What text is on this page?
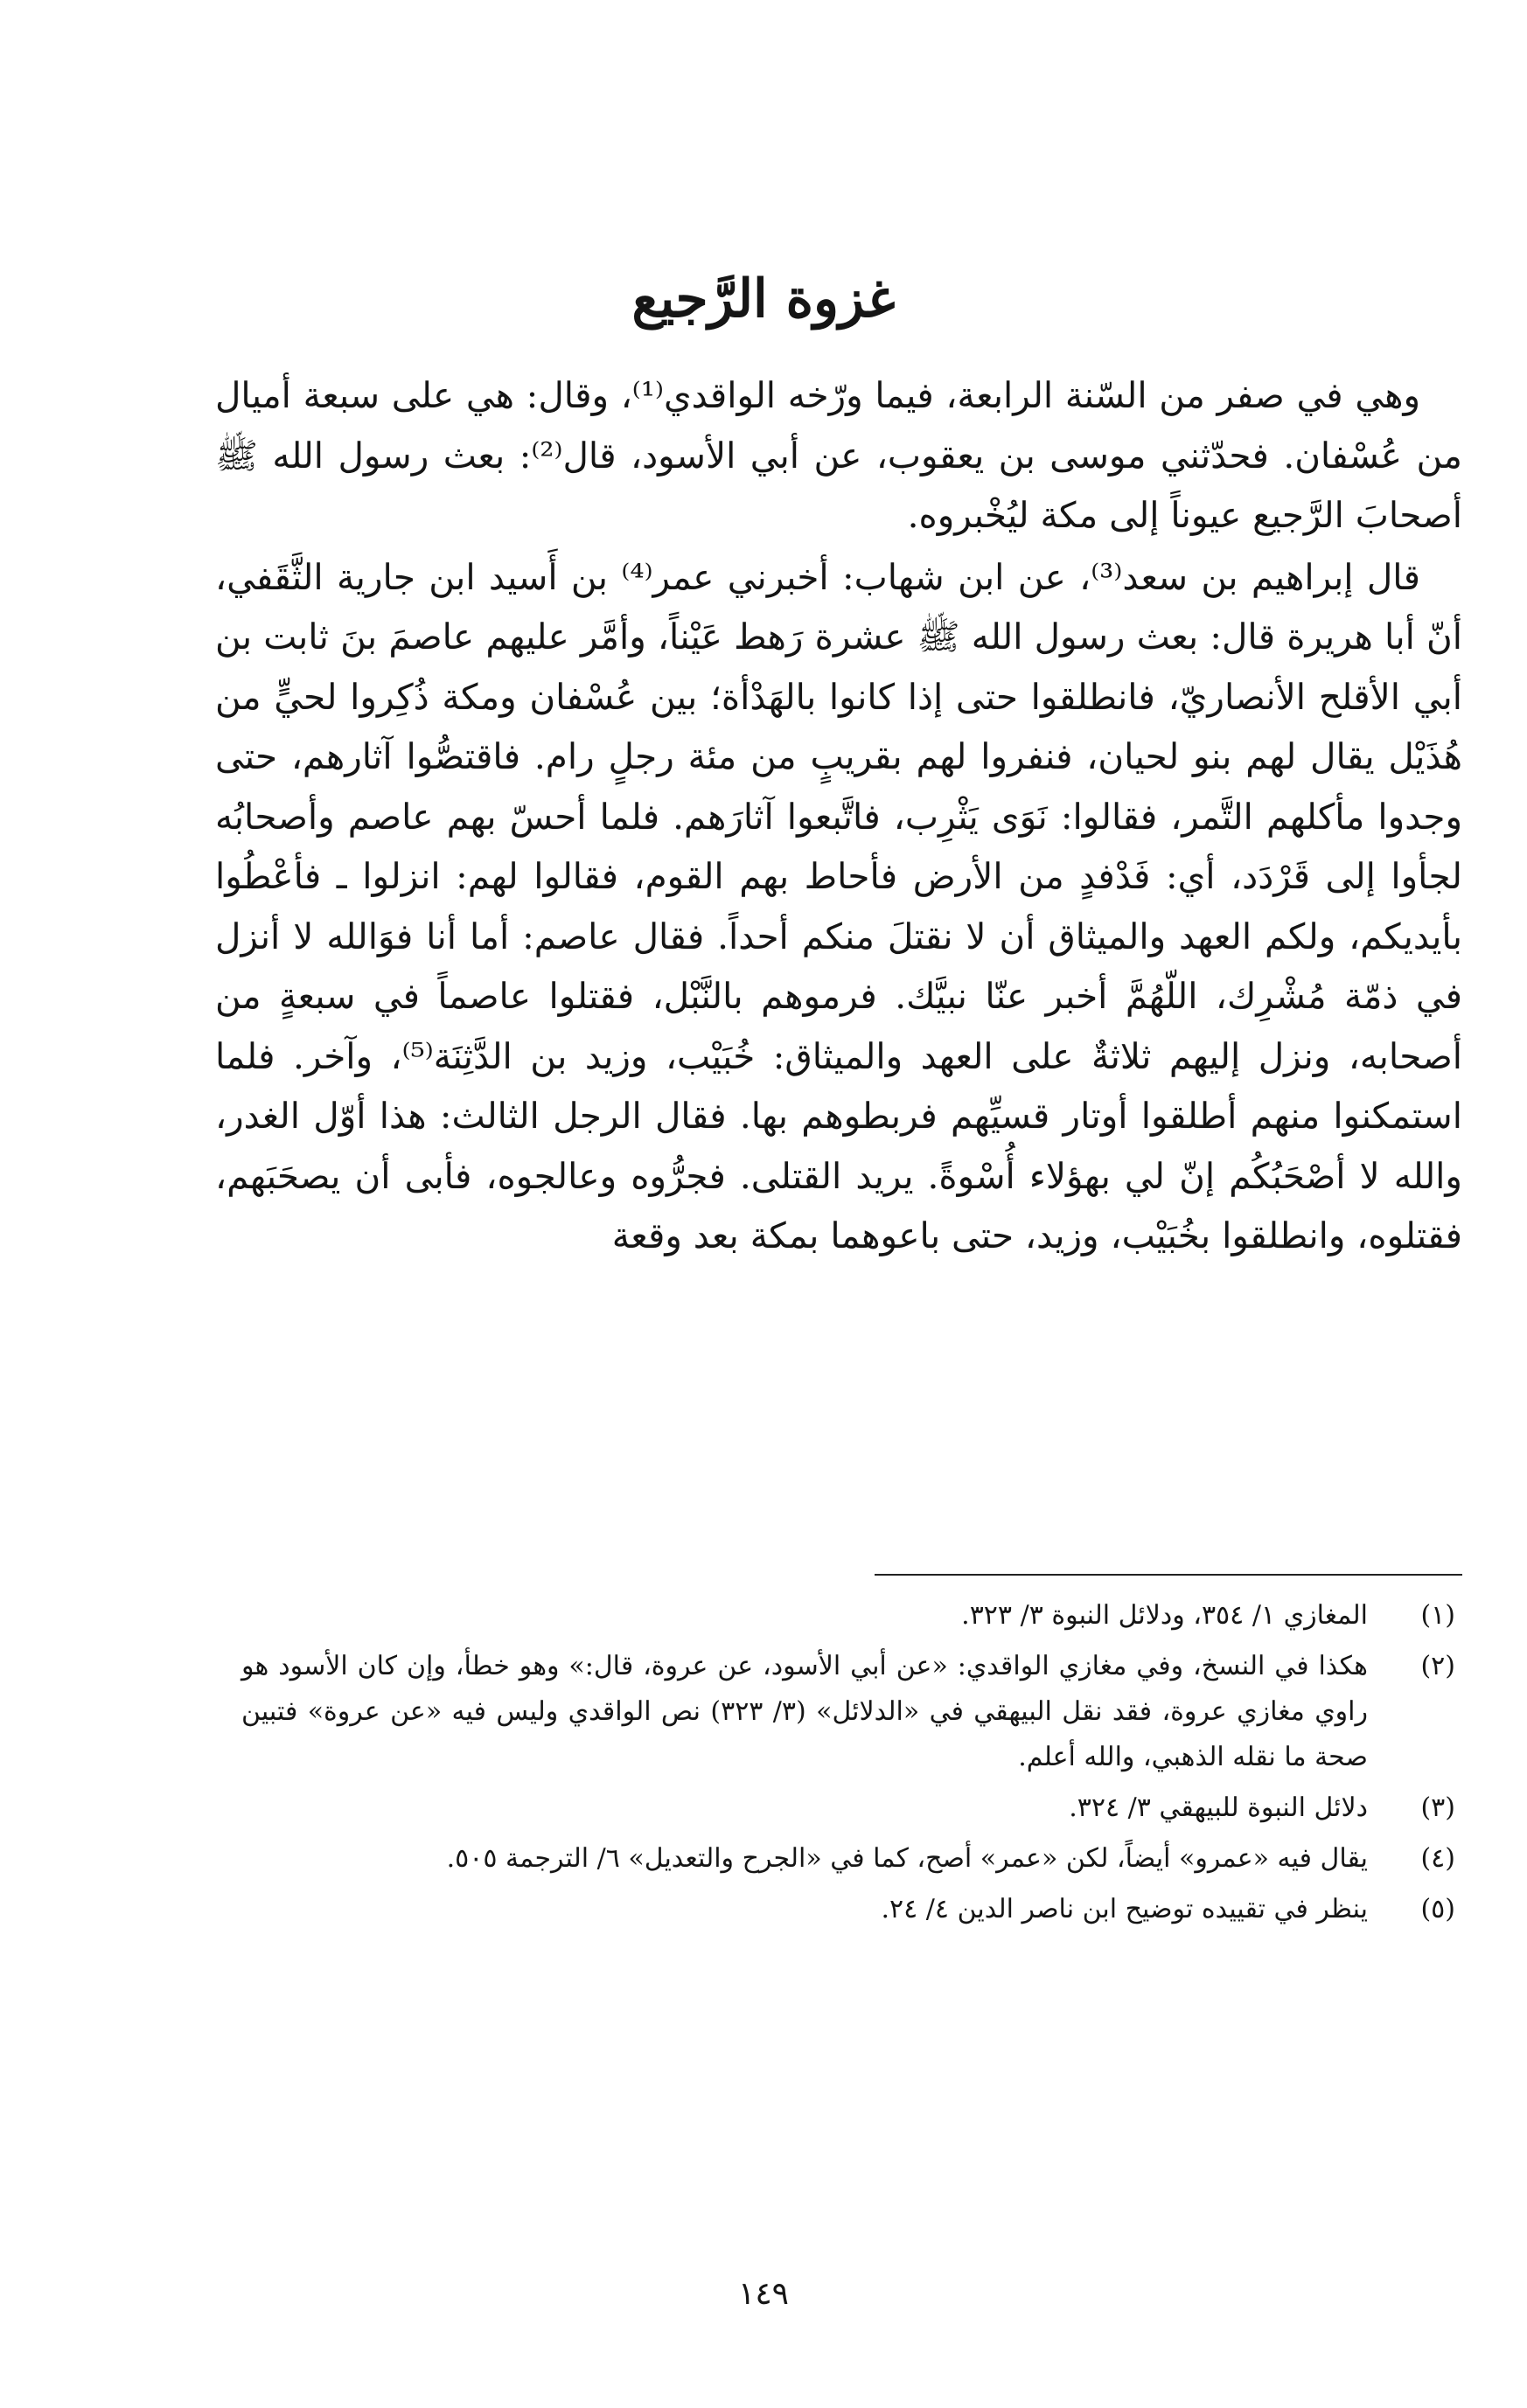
غزوة الرَّجيع

وهي في صفر من السّنة الرابعة، فيما ورّخه الواقدي⁽¹⁾، وقال: هي على سبعة أميال من عُسْفان. فحدّثني موسى بن يعقوب، عن أبي الأسود، قال⁽²⁾: بعث رسول الله ﷺ أصحابَ الرَّجيع عيوناً إلى مكة ليُخْبروه.

قال إبراهيم بن سعد⁽³⁾، عن ابن شهاب: أخبرني عمر⁽⁴⁾ بن أَسيد ابن جارية الثَّقَفي، أنّ أبا هريرة قال: بعث رسول الله ﷺ عشرة رَهط عَيْناً، وأمَّر عليهم عاصمَ بنَ ثابت بن أبي الأقلح الأنصاريّ، فانطلقوا حتى إذا كانوا بالهَدْأة؛ بين عُسْفان ومكة ذُكِروا لحيٍّ من هُذَيْل يقال لهم بنو لحيان، فنفروا لهم بقريبٍ من مئة رجلٍ رام. فاقتصُّوا آثارهم، حتى وجدوا مأكلهم التَّمر، فقالوا: نَوَى يَثْرِب، فاتَّبعوا آثارَهم. فلما أحسّ بهم عاصم وأصحابُه لجأوا إلى قَرْدَد، أي: فَدْفدٍ من الأرض فأحاط بهم القوم، فقالوا لهم: انزلوا ـ فأعْطُوا بأيديكم، ولكم العهد والميثاق أن لا نقتلَ منكم أحداً. فقال عاصم: أما أنا فوَالله لا أنزل في ذمّة مُشْرِك، اللّهُمَّ أخبر عنّا نبيَّك. فرموهم بالنَّبْل، فقتلوا عاصماً في سبعةٍ من أصحابه، ونزل إليهم ثلاثةٌ على العهد والميثاق: خُبَيْب، وزيد بن الدَّثِنَة⁽⁵⁾، وآخر. فلما استمكنوا منهم أطلقوا أوتار قسيِّهم فربطوهم بها. فقال الرجل الثالث: هذا أوّل الغدر، والله لا أصْحَبُكُم إنّ لي بهؤلاء أُسْوةً. يريد القتلى. فجرُّوه وعالجوه، فأبى أن يصحَبَهم، فقتلوه، وانطلقوا بخُبَيْب، وزيد، حتى باعوهما بمكة بعد وقعة

(١)
المغازي ١/ ٣٥٤، ودلائل النبوة ٣/ ٣٢٣.
(٢)
هكذا في النسخ، وفي مغازي الواقدي: «عن أبي الأسود، عن عروة، قال:» وهو خطأ، وإن كان الأسود هو راوي مغازي عروة، فقد نقل البيهقي في «الدلائل» (٣/ ٣٢٣) نص الواقدي وليس فيه «عن عروة» فتبين صحة ما نقله الذهبي، والله أعلم.
(٣)
دلائل النبوة للبيهقي ٣/ ٣٢٤.
(٤)
يقال فيه «عمرو» أيضاً، لكن «عمر» أصح، كما في «الجرح والتعديل» ٦/ الترجمة ٥٠٥.
(٥)
ينظر في تقييده توضيح ابن ناصر الدين ٤/ ٢٤.
١٤٩
